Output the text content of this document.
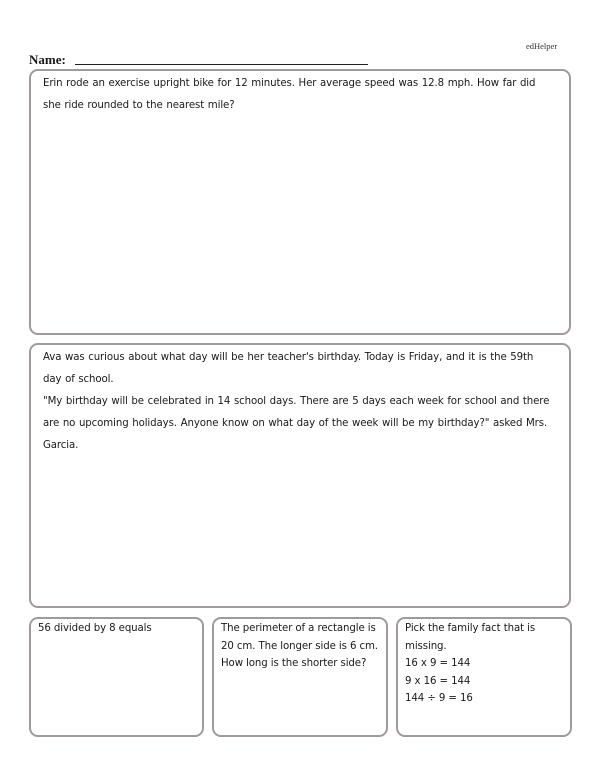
edHelper
Name:
Erin rode an exercise upright bike for 12 minutes. Her average speed was 12.8 mph. How far did she ride rounded to the nearest mile?
Ava was curious about what day will be her teacher's birthday. Today is Friday, and it is the 59th day of school.
"My birthday will be celebrated in 14 school days. There are 5 days each week for school and there are no upcoming holidays. Anyone know on what day of the week will be my birthday?" asked Mrs. Garcia.
56 divided by 8 equals	The perimeter of a rectangle is 20 cm. The longer side is 6 cm. How long is the shorter side?
Pick the family fact that is missing.
16 x 9 = 144
9 x 16 = 144
144 ÷ 9 = 16
